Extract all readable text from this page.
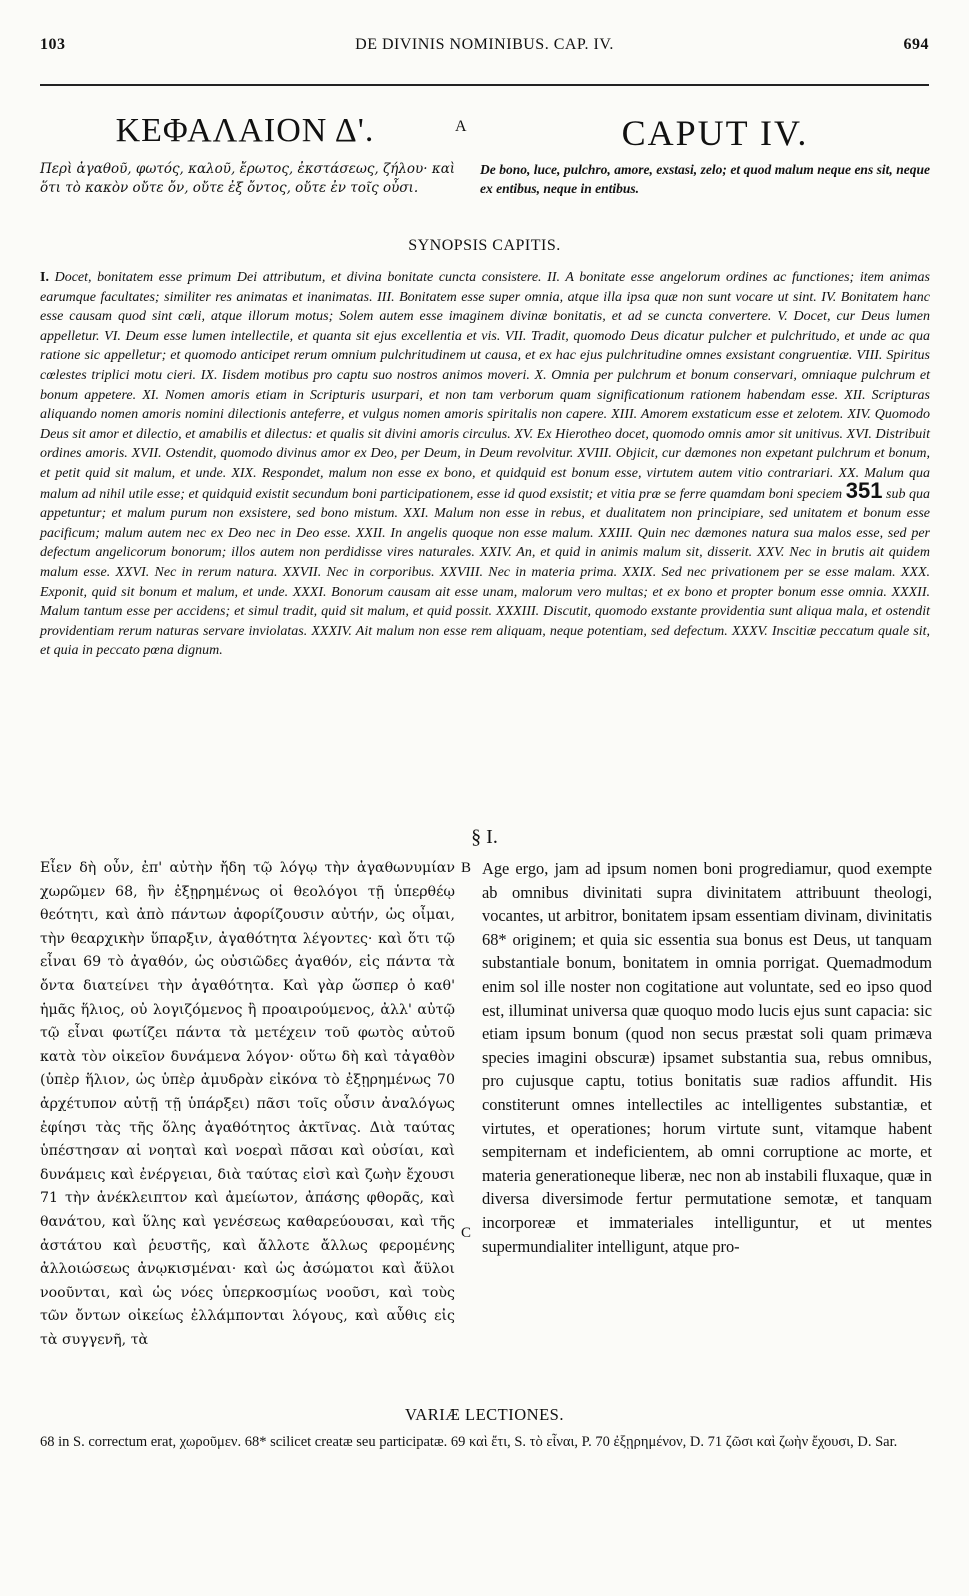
103	DE DIVINIS NOMINIBUS. CAP. IV.	694
ΚΕΦΑΛΑΙΟΝ Δ'.	A	CAPUT IV.
Περὶ ἀγαθοῦ, φωτός, καλοῦ, ἔρωτος, ἐκστάσεως, ζήλου· καὶ ὅτι τὸ κακὸν οὔτε ὄν, οὔτε ἐξ ὄντος, οὔτε ἐν τοῖς οὖσι.
De bono, luce, pulchro, amore, exstasi, zelo; et quod malum neque ens sit, neque ex entibus, neque in entibus.
SYNOPSIS CAPITIS.
I. Docet, bonitatem esse primum Dei attributum, et divina bonitate cuncta consistere. II. A bonitate esse angelorum ordines ac functiones; item animas earumque facultates; similiter res animatas et inanimatas. III. Bonitatem esse super omnia, atque illa ipsa quæ non sunt vocare ut sint. IV. Bonitatem hanc esse causam quod sint cœli, atque illorum motus; Solem autem esse imaginem divinæ bonitatis, et ad se cuncta convertere. V. Docet, cur Deus lumen appelletur. VI. Deum esse lumen intellectile, et quanta sit ejus excellentia et vis. VII. Tradit, quomodo Deus dicatur pulcher et pulchritudo, et unde ac qua ratione sic appelletur; et quomodo anticipet rerum omnium pulchritudinem ut causa, et ex hac ejus pulchritudine omnes exsistant congruentiæ. VIII. Spiritus cœlestes triplici motu cieri. IX. Iisdem motibus pro captu suo nostros animos moveri. X. Omnia per pulchrum et bonum conservari, omniaque pulchrum et bonum appetere. XI. Nomen amoris etiam in Scripturis usurpari, et non tam verborum quam significationum rationem habendam esse. XII. Scripturas aliquando nomen amoris nomini dilectionis anteferre, et vulgus nomen amoris spiritalis non capere. XIII. Amorem exstaticum esse et zelotem. XIV. Quomodo Deus sit amor et dilectio, et amabilis et dilectus: et qualis sit divini amoris circulus. XV. Ex Hierotheo docet, quomodo omnis amor sit unitivus. XVI. Distribuit ordines amoris. XVII. Ostendit, quomodo divinus amor ex Deo, per Deum, in Deum revolvitur. XVIII. Objicit, cur dæmones non expetant pulchrum et bonum, et petit quid sit malum, et unde. XIX. Respondet, malum non esse ex bono, et quidquid est bonum esse, virtutem autem vitio contrariari. XX. Malum qua malum ad nihil utile esse; et quidquid existit secundum boni participationem, esse id quod exsistit; et vitia præ se ferre quamdam boni speciem 351 sub qua appetuntur; et malum purum non exsistere, sed bono mistum. XXI. Malum non esse in rebus, et dualitatem non principiare, sed unitatem et bonum esse pacificum; malum autem nec ex Deo nec in Deo esse. XXII. In angelis quoque non esse malum. XXIII. Quin nec dæmones natura sua malos esse, sed per defectum angelicorum bonorum; illos autem non perdidisse vires naturales. XXIV. An, et quid in animis malum sit, disserit. XXV. Nec in brutis ait quidem malum esse. XXVI. Nec in rerum natura. XXVII. Nec in corporibus. XXVIII. Nec in materia prima. XXIX. Sed nec privationem per se esse malam. XXX. Exponit, quid sit bonum et malum, et unde. XXXI. Bonorum causam ait esse unam, malorum vero multas; et ex bono et propter bonum esse omnia. XXXII. Malum tantum esse per accidens; et simul tradit, quid sit malum, et quid possit. XXXIII. Discutit, quomodo exstante providentia sunt aliqua mala, et ostendit providentiam rerum naturas servare inviolatas. XXXIV. Ait malum non esse rem aliquam, neque potentiam, sed defectum. XXXV. Inscitiæ peccatum quale sit, et quia in peccato pœna dignum.
§ I.
Εἶεν δὴ οὖν, ἐπ' αὐτὴν ἤδη τῷ λόγῳ τὴν ἀγαθωνυμίαν χωρῶμεν 68, ἣν ἐξῃρημένως οἱ θεολόγοι τῇ ὑπερθέῳ θεότητι, καὶ ἀπὸ πάντων ἀφορίζουσιν αὐτήν, ὡς οἶμαι, τὴν θεαρχικὴν ὕπαρξιν, ἀγαθότητα λέγοντες· καὶ ὅτι τῷ εἶναι 69 τὸ ἀγαθόν, ὡς οὐσιῶδες ἀγαθόν, εἰς πάντα τὰ ὄντα διατείνει τὴν ἀγαθότητα. Καὶ γὰρ ὥσπερ ὁ καθ' ἡμᾶς ἥλιος, οὐ λογιζόμενος ἢ προαιρούμενος, ἀλλ' αὐτῷ τῷ εἶναι φωτίζει πάντα τὰ μετέχειν τοῦ φωτὸς αὐτοῦ κατὰ τὸν οἰκεῖον δυνάμενα λόγον· οὕτω δὴ καὶ τἀγαθὸν (ὑπὲρ ἥλιον, ὡς ὑπὲρ ἀμυδρὰν εἰκόνα τὸ ἐξῃρημένως 70 ἀρχέτυπον αὐτῇ τῇ ὑπάρξει) πᾶσι τοῖς οὖσιν ἀναλόγως ἐφίησι τὰς τῆς ὅλης ἀγαθότητος ἀκτῖνας. Διὰ ταύτας ὑπέστησαν αἱ νοηταὶ καὶ νοεραὶ πᾶσαι καὶ οὐσίαι, καὶ δυνάμεις καὶ ἐνέργειαι, διὰ ταύτας εἰσὶ καὶ ζωὴν ἔχουσι 71 τὴν ἀνέκλειπτον καὶ ἀμείωτον, ἀπάσης φθορᾶς, καὶ θανάτου, καὶ ὕλης καὶ γενέσεως καθαρεύουσαι, καὶ τῆς ἀστάτου καὶ ῥευστῆς, καὶ ἄλλοτε ἄλλως φερομένης ἀλλοιώσεως ἀνῳκισμέναι· καὶ ὡς ἀσώματοι καὶ ἄϋλοι νοοῦνται, καὶ ὡς νόες ὑπερκοσμίως νοοῦσι, καὶ τοὺς τῶν ὄντων οἰκείως ἐλλάμπονται λόγους, καὶ αὖθις εἰς τὰ συγγενῆ, τὰ
B
C
Age ergo, jam ad ipsum nomen boni progrediamur, quod exempte ab omnibus divinitati supra divinitatem attribuunt theologi, vocantes, ut arbitror, bonitatem ipsam essentiam divinam, divinitatis 68* originem; et quia sic essentia sua bonus est Deus, ut tanquam substantiale bonum, bonitatem in omnia porrigat. Quemadmodum enim sol ille noster non cogitatione aut voluntate, sed eo ipso quod est, illuminat universa quæ quoquo modo lucis ejus sunt capacia: sic etiam ipsum bonum (quod non secus præstat soli quam primæva species imagini obscuræ) ipsamet substantia sua, rebus omnibus, pro cujusque captu, totius bonitatis suæ radios affundit. His constiterunt omnes intellectiles ac intelligentes substantiæ, et virtutes, et operationes; horum virtute sunt, vitamque habent sempiternam et indeficientem, ab omni corruptione ac morte, et materia generationeque liberæ, nec non ab instabili fluxaque, quæ in diversa diversimode fertur permutatione semotæ, et tanquam incorporeæ et immateriales intelliguntur, et ut mentes supermundialiter intelligunt, atque pro-
VARIÆ LECTIONES.
68 in S. correctum erat, χωροῦμεν. 68* scilicet creatæ seu participatæ. 69 καὶ ἔτι, S. τὸ εἶναι, P. 70 ἐξῃρημένον, D. 71 ζῶσι καὶ ζωὴν ἔχουσι, D. Sar.
